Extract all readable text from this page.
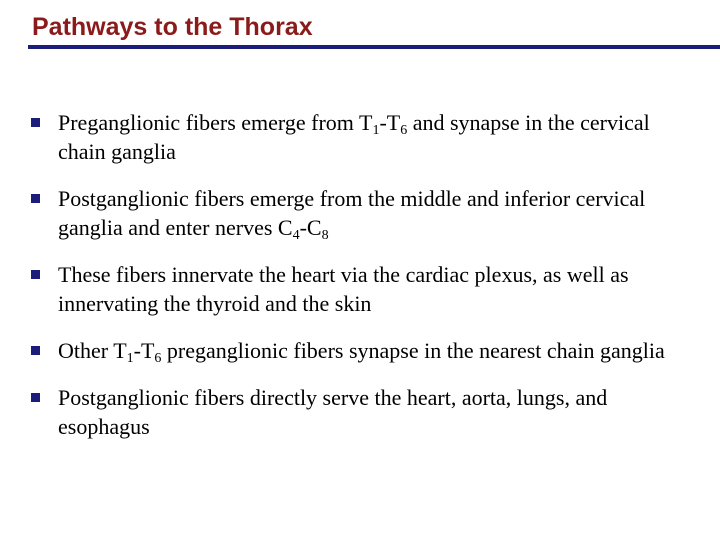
Pathways to the Thorax
Preganglionic fibers emerge from $T_1-T_6$ and synapse in the cervical chain ganglia
Postganglionic fibers emerge from the middle and inferior cervical ganglia and enter nerves $C_4-C_8$
These fibers innervate the heart via the cardiac plexus, as well as innervating the thyroid and the skin
Other $T_1-T_6$ preganglionic fibers synapse in the nearest chain ganglia
Postganglionic fibers directly serve the heart, aorta, lungs, and esophagus
